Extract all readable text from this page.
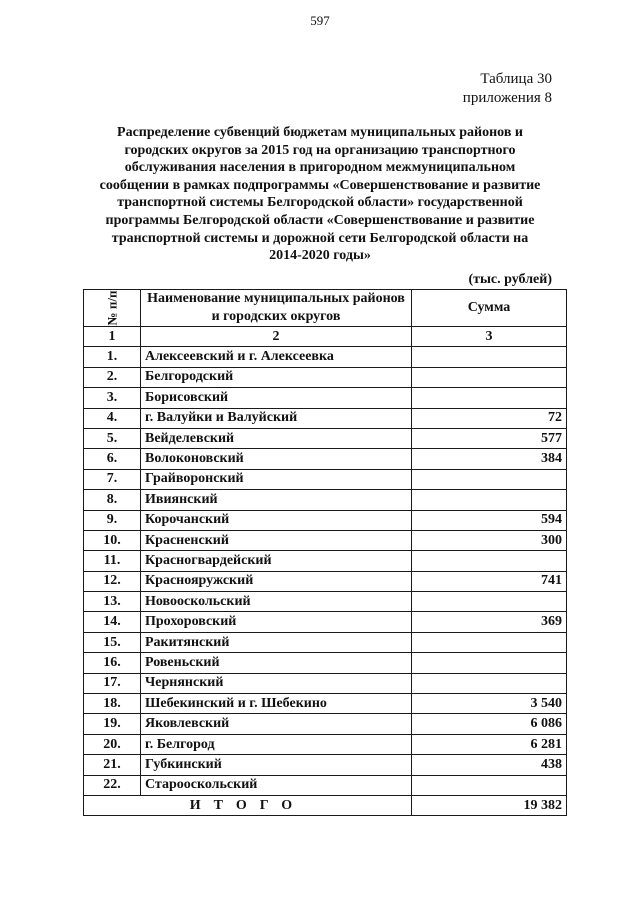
597
Таблица 30
приложения 8
Распределение субвенций бюджетам муниципальных районов и городских округов за 2015 год на организацию транспортного обслуживания населения в пригородном межмуниципальном сообщении в рамках подпрограммы «Совершенствование и развитие транспортной системы Белгородской области» государственной программы Белгородской области «Совершенствование и развитие транспортной системы и дорожной сети Белгородской области на 2014-2020 годы»
(тыс. рублей)
№ п/п	Наименование муниципальных районов и городских округов	Сумма
1	2	3
1.	Алексеевский и г. Алексеевка	
2.	Белгородский	
3.	Борисовский	
4.	г. Валуйки и Валуйский	72
5.	Вейделевский	577
6.	Волоконовский	384
7.	Грайворонский	
8.	Ивиянский	
9.	Корочанский	594
10.	Красненский	300
11.	Красногвардейский	
12.	Краснояружский	741
13.	Новооскольский	
14.	Прохоровский	369
15.	Ракитянский	
16.	Ровеньский	
17.	Чернянский	
18.	Шебекинский и г. Шебекино	3 540
19.	Яковлевский	6 086
20.	г. Белгород	6 281
21.	Губкинский	438
22.	Старооскольский	
ИТОГО		19 382
